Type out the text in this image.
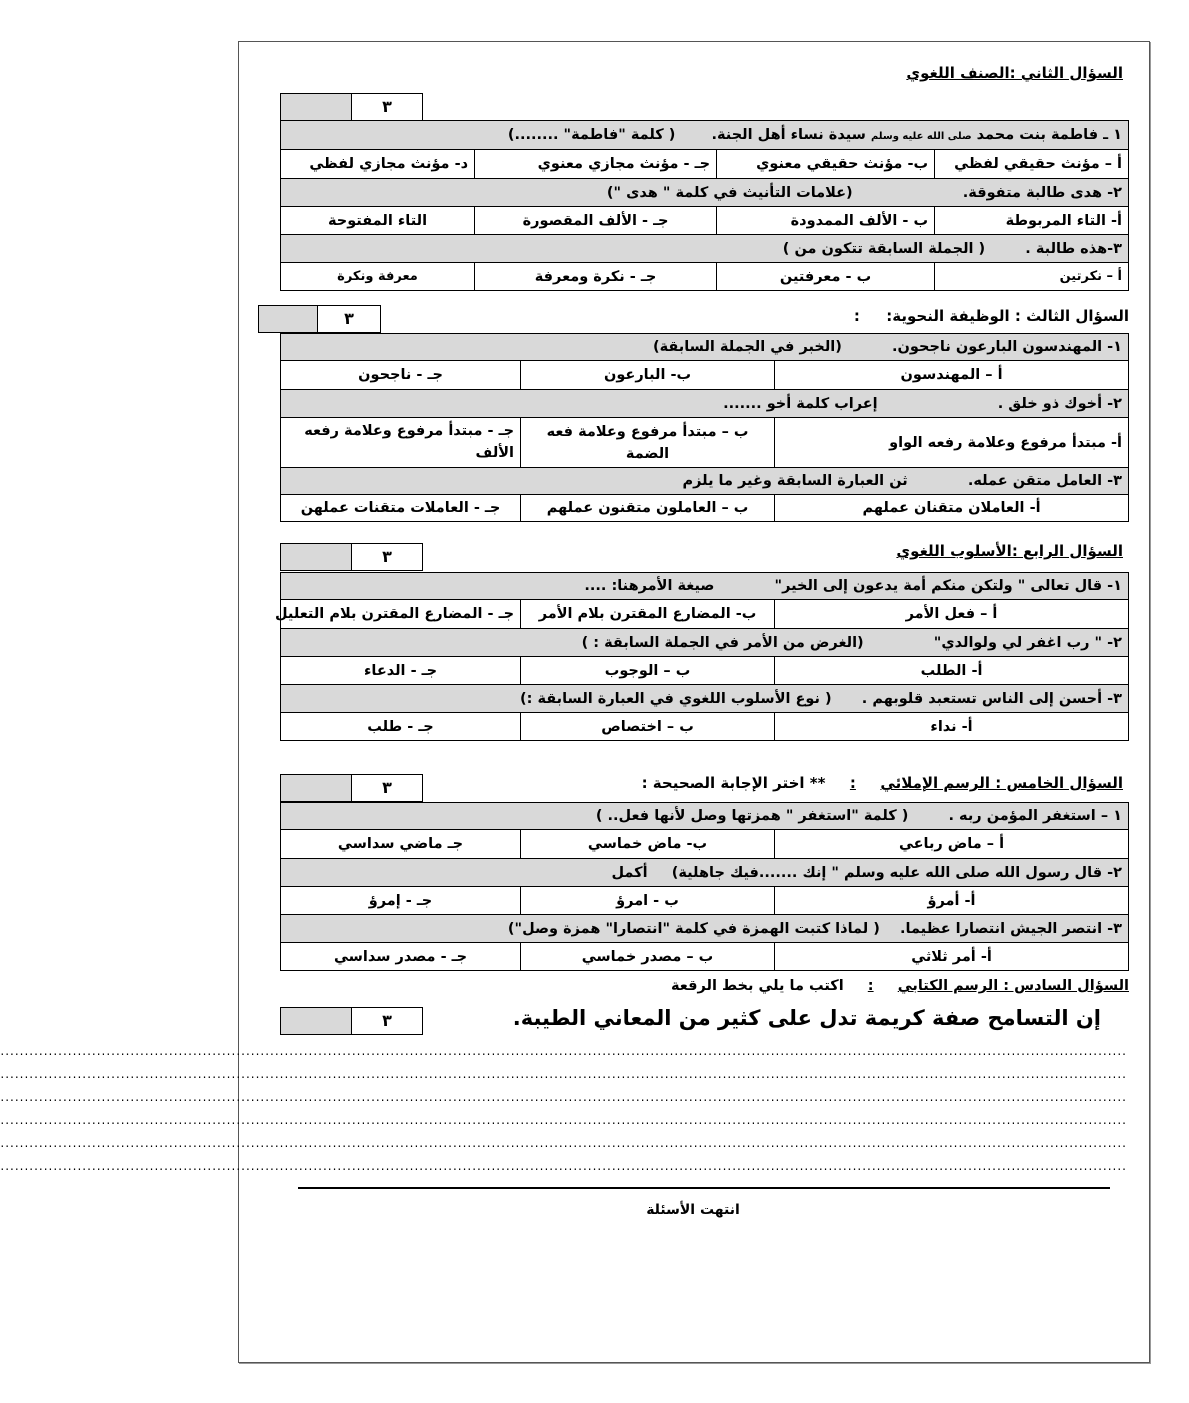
السؤال الثاني :الصنف اللغوي
٣
١ ـ فاطمة بنت محمد صلى الله عليه وسلم سيدة نساء أهل الجنة.  ( كلمة "فاطمة" ........)			
أ – مؤنث حقيقي لفظي	ب- مؤنث حقيقي معنوي	جـ - مؤنث مجازي معنوي	د- مؤنث مجازي لفظي
٢- هدى طالبة متفوقة.  (علامات التأنيث في كلمة " هدى ")			
أ- التاء المربوطة	ب - الألف الممدودة	جـ - الألف المقصورة	التاء المفتوحة
٣-هذه طالبة .  ( الجملة السابقة تتكون من )			
أ – نكرتين	ب - معرفتين	جـ - نكرة ومعرفة	معرفة ونكرة
السؤال الثالث : الوظيفة النحوية:  :
٣
١- المهندسون البارعون ناجحون.  (الخبر في الجملة السابقة)		
أ – المهندسون	ب- البارعون	جـ - ناجحون
٢- أخوك ذو خلق .  إعراب كلمة أخو .......		
أ- مبتدأ مرفوع وعلامة رفعه الواو	ب – مبتدأ مرفوع وعلامة فعه الضمة	جـ - مبتدأ مرفوع وعلامة رفعه الألف
٣- العامل متقن عمله.  ثن العبارة السابقة وغير ما يلزم		
أ- العاملان متقنان عملهم	ب – العاملون متقنون عملهم	جـ - العاملات متقنات عملهن
السؤال الرابع :الأسلوب اللغوي
٣
١- قال تعالى " ولتكن منكم أمة يدعون إلى الخير"  صيغة الأمرهنا: ....		
أ – فعل الأمر	ب- المضارع المقترن بلام الأمر	جـ - المضارع المقترن بلام التعليل
٢- " رب اغفر لي ولوالدي"  (الغرض من الأمر في الجملة السابقة : )		
أ- الطلب	ب – الوجوب	جـ - الدعاء
٣- أحسن إلى الناس تستعبد قلوبهم .  ( نوع الأسلوب اللغوي في العبارة السابقة :)		
أ- نداء	ب – اختصاص	جـ - طلب
السؤال الخامس : الرسم الإملائي  :  ** اختر الإجابة الصحيحة :
٣
١ – استغفر المؤمن ربه .  ( كلمة "استغفر " همزتها وصل لأنها فعل.. )		
أ – ماض رباعي	ب- ماض خماسي	جـ ماضي سداسي
٢- قال رسول الله صلى الله عليه وسلم " إنك .......فيك جاهلية)  أكمل		
أ- أمرؤ	ب - امرؤ	جـ - إمرؤ
٣- انتصر الجيش انتصارا عظيما.  ( لماذا كتبت الهمزة في كلمة "انتصارا" همزة وصل")		
أ- أمر ثلاثي	ب – مصدر خماسي	جـ - مصدر سداسي
السؤال السادس : الرسم الكتابي  :  اكتب ما يلي بخط الرقعة
إن التسامح صفة كريمة تدل على كثير من المعاني الطيبة.
٣
..........................................................................................................................................................................................................................................
..........................................................................................................................................................................................................................................
..........................................................................................................................................................................................................................................
..........................................................................................................................................................................................................................................
..........................................................................................................................................................................................................................................
..........................................................................................................................................................................................................................................
انتهت الأسئلة
